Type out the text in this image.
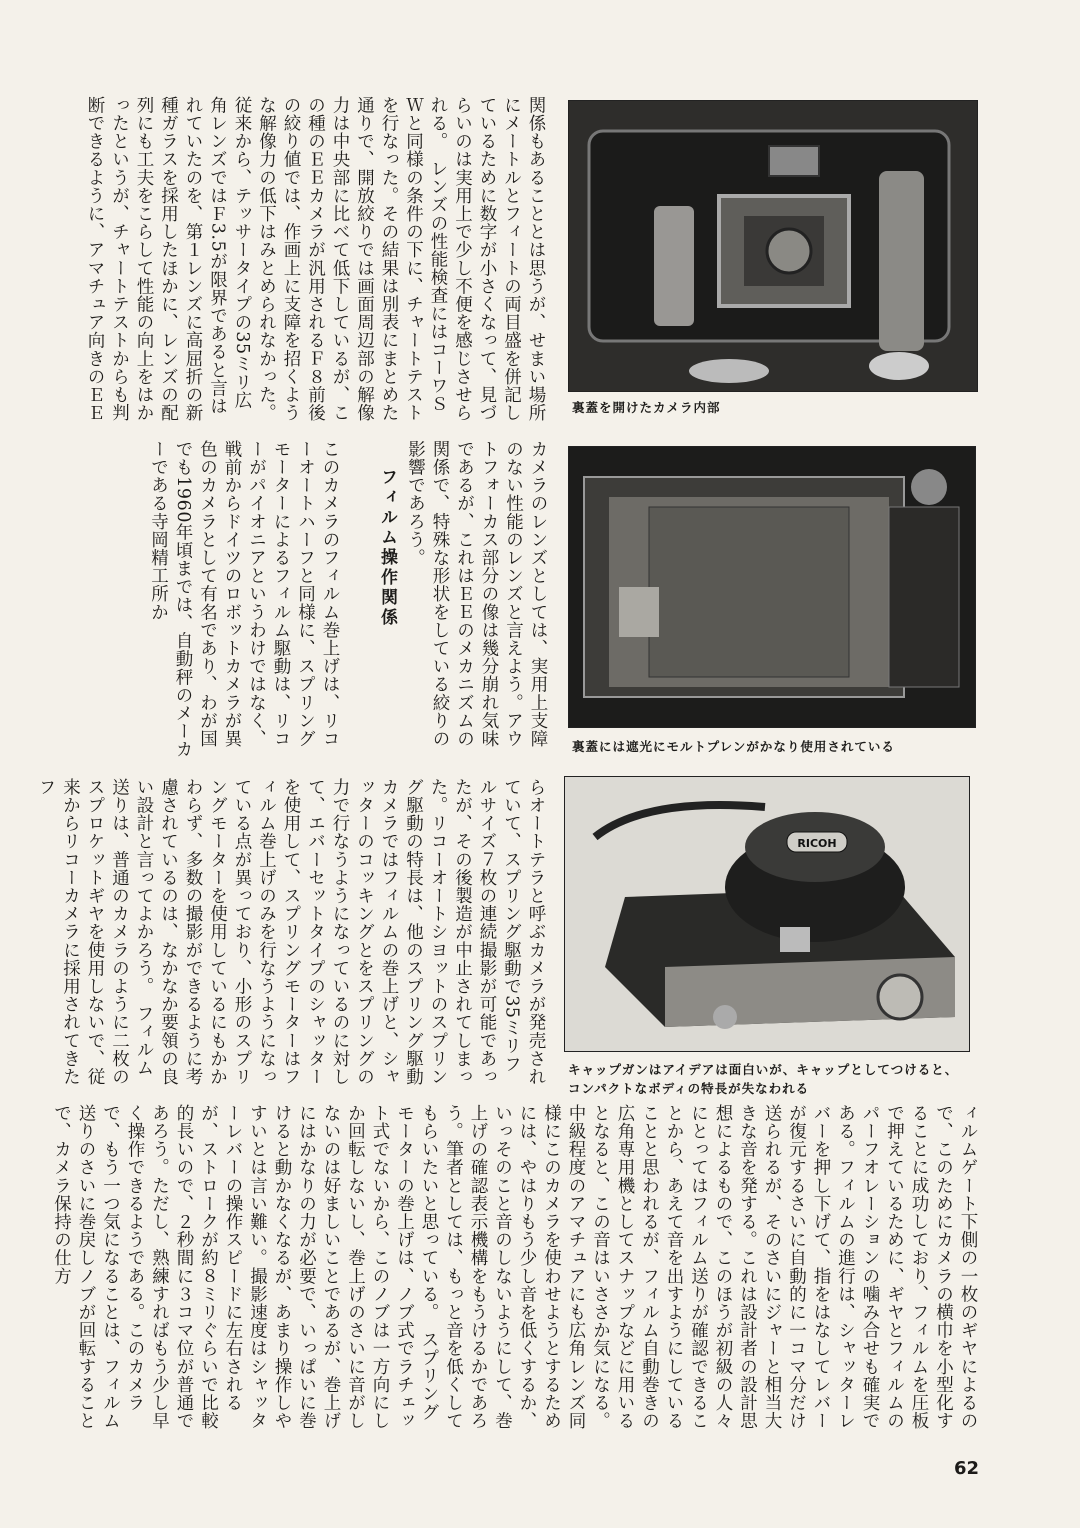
関係もあることとは思うが、せまい場所にメートルとフィートの両目盛を併記しているために数字が小さくなって、見づらいのは実用上で少し不便を感じさせられる。　レンズの性能検査にはコーワＳＷと同様の条件の下に、チャートテストを行なった。その結果は別表にまとめた通りで、開放絞りでは画面周辺部の解像力は中央部に比べて低下しているが、この種のＥＥカメラが汎用されるＦ８前後の絞り値では、作画上に支障を招くような解像力の低下はみとめられなかった。従来から、テッサータイプの35ミリ広角レンズではＦ3.5が限界であると言はれていたのを、第１レンズに高屈折の新種ガラスを採用したほかに、レンズの配列にも工夫をこらして性能の向上をはかったというが、チャートテストからも判断できるように、アマチュア向きのＥＥ

カメラのレンズとしては、実用上支障のない性能のレンズと言えよう。アウトフォーカス部分の像は幾分崩れ気味であるが、これはＥＥのメカニズムの関係で、特殊な形状をしている絞りの影響であろう。

フィルム操作関係

このカメラのフィルム巻上げは、リコーオートハーフと同様に、スプリングモーターによるフィルム駆動は、リコーがパイオニアというわけではなく、戦前からドイツのロボットカメラが異色のカメラとして有名であり、わが国でも1960年頃までは、自動秤のメーカーである寺岡精工所か

らオートテラと呼ぶカメラが発売されていて、スプリング駆動で35ミリフルサイズ７枚の連続撮影が可能であったが、その後製造が中止されてしまった。リコーオートシヨットのスプリング駆動の特長は、他のスプリング駆動カメラではフィルムの巻上げと、シャッターのコッキングとをスプリングの力で行なうようになっているのに対して、エバーセットタイプのシャッターを使用して、スプリングモーターはフィルム巻上げのみを行なうようになっている点が異っており、小形のスプリングモーターを使用しているにもかかわらず、多数の撮影ができるように考慮されているのは、なかなか要領の良い設計と言ってよかろう。　フィルム送りは、普通のカメラのように二枚のスプロケットギヤを使用しないで、従来からリコーカメラに採用されてきたフ

ィルムゲート下側の一枚のギヤによるので、このためにカメラの横巾を小型化することに成功しており、フィルムを圧板で押えているために、ギヤとフィルムのパーフオレーションの噛み合せも確実である。フィルムの進行は、シャッターレバーを押し下げて、指をはなしてレバーが復元するさいに自動的に一コマ分だけ送られるが、そのさいにジャーと相当大きな音を発する。これは設計者の設計思想によるもので、このほうが初級の人々にとってはフィルム送りが確認できることから、あえて音を出すようにしていることと思われるが、フィルム自動巻きの広角専用機としてスナップなどに用いるとなると、この音はいささか気になる。中級程度のアマチュアにも広角レンズ同様にこのカメラを使わせようとするためには、やはりもう少し音を低くするか、いっそのこと音のしないようにして、巻上げの確認表示機構をもうけるかであろう。筆者としては、もっと音を低くしてもらいたいと思っている。　スプリングモーターの巻上げは、ノブ式でラチェット式でないから、このノブは一方向にしか回転しないし、巻上げのさいに音がしないのは好ましいことであるが、巻上げにはかなりの力が必要で、いっぱいに巻けると動かなくなるが、あまり操作しやすいとは言い難い。撮影速度はシャッターレバーの操作スピードに左右されるが、ストロークが約８ミリぐらいで比較的長いので、２秒間に３コマ位が普通であろう。ただし、熟練すればもう少し早く操作できるようである。このカメラで、もう一つ気になることは、フィルム送りのさいに巻戻しノブが回転することで、カメラ保持の仕方

裏蓋を開けたカメラ内部
裏蓋には遮光にモルトプレンがかなり使用されている
RICOH
キャップガンはアイデアは面白いが、キャップとしてつけると、コンパクトなボディの特長が失なわれる
62
